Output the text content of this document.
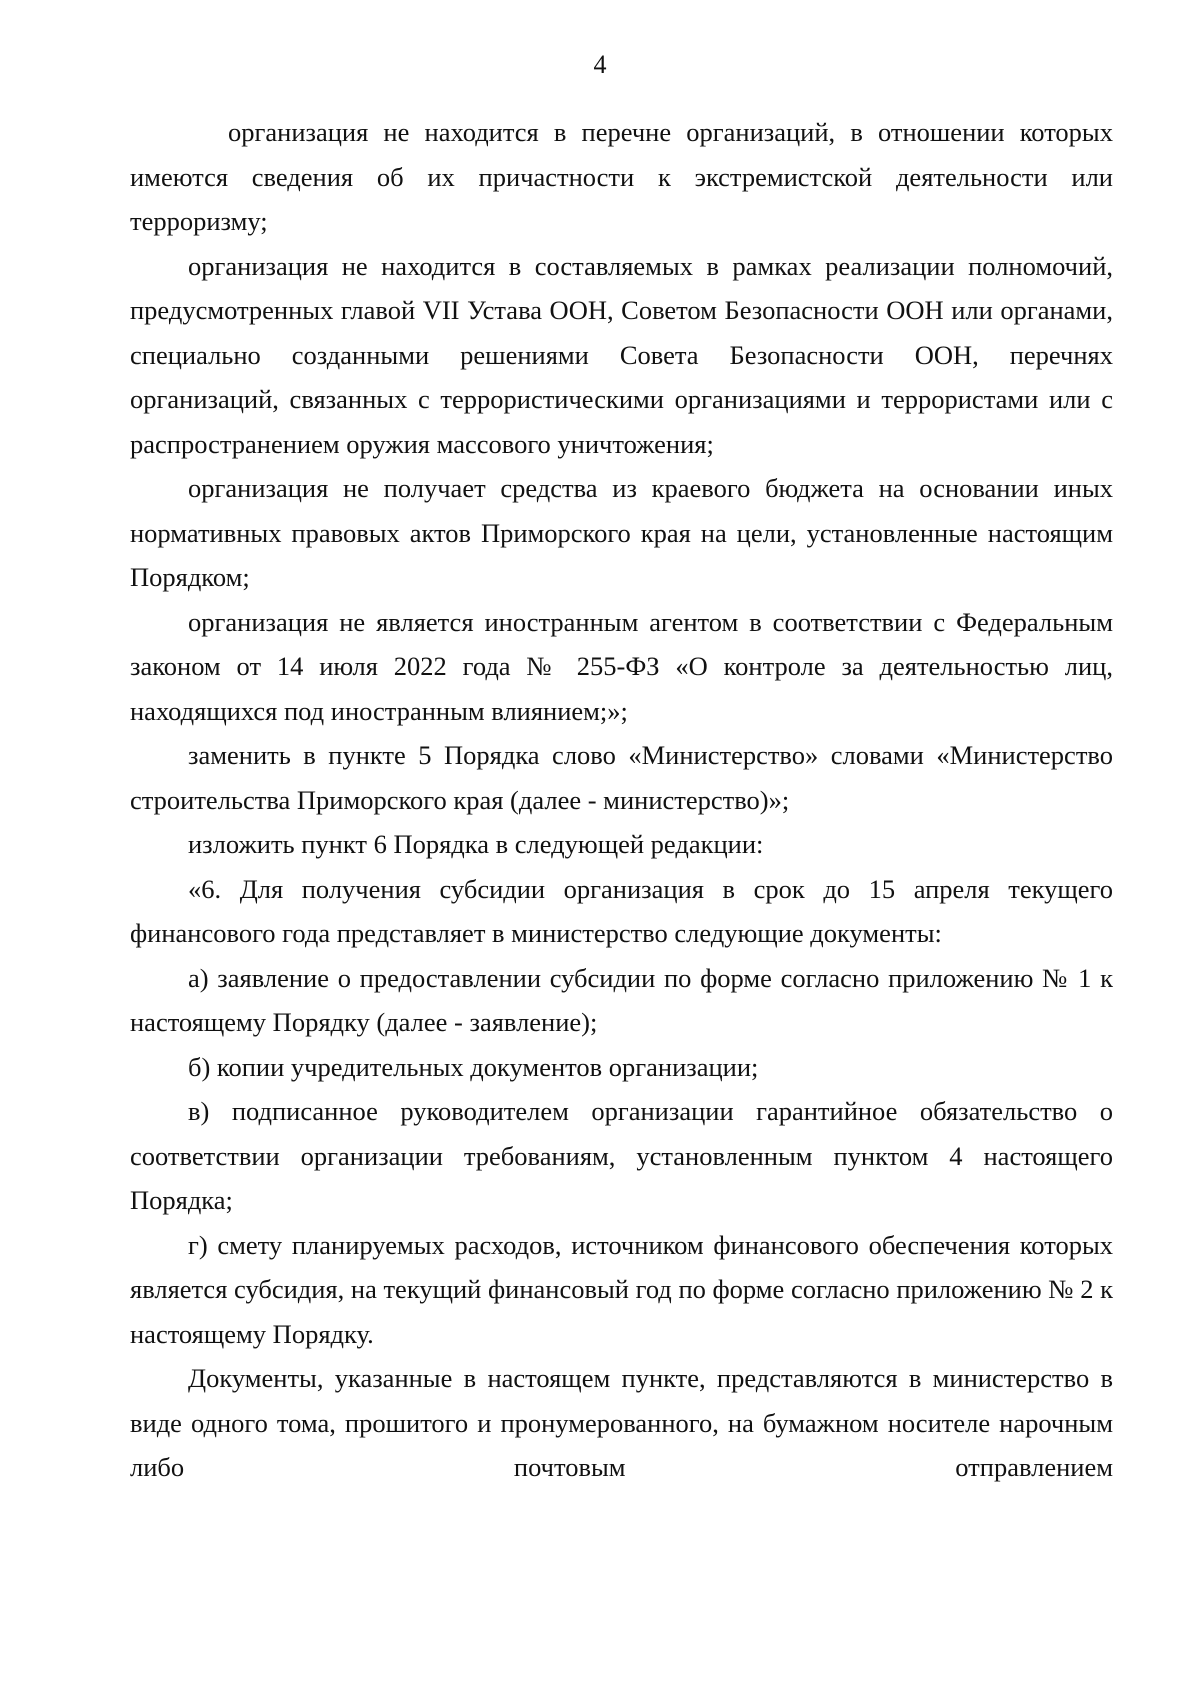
4

организация не находится в перечне организаций, в отношении которых имеются сведения об их причастности к экстремистской деятельности или терроризму;

организация не находится в составляемых в рамках реализации полномочий, предусмотренных главой VII Устава ООН, Советом Безопасности ООН или органами, специально созданными решениями Совета Безопасности ООН, перечнях организаций, связанных с террористическими организациями и террористами или с распространением оружия массового уничтожения;

организация не получает средства из краевого бюджета на основании иных нормативных правовых актов Приморского края на цели, установленные настоящим Порядком;

организация не является иностранным агентом в соответствии с Федеральным законом от 14 июля 2022 года № 255-ФЗ «О контроле за деятельностью лиц, находящихся под иностранным влиянием;»;

заменить в пункте 5 Порядка слово «Министерство» словами «Министерство строительства Приморского края (далее - министерство)»;

изложить пункт 6 Порядка в следующей редакции:

«6. Для получения субсидии организация в срок до 15 апреля текущего финансового года представляет в министерство следующие документы:

а) заявление о предоставлении субсидии по форме согласно приложению № 1 к настоящему Порядку (далее - заявление);

б) копии учредительных документов организации;

в) подписанное руководителем организации гарантийное обязательство о соответствии организации требованиям, установленным пунктом 4 настоящего Порядка;

г) смету планируемых расходов, источником финансового обеспечения которых является субсидия, на текущий финансовый год по форме согласно приложению № 2 к настоящему Порядку.

Документы, указанные в настоящем пункте, представляются в министерство в виде одного тома, прошитого и пронумерованного, на бумажном носителе нарочным либо почтовым отправлением
